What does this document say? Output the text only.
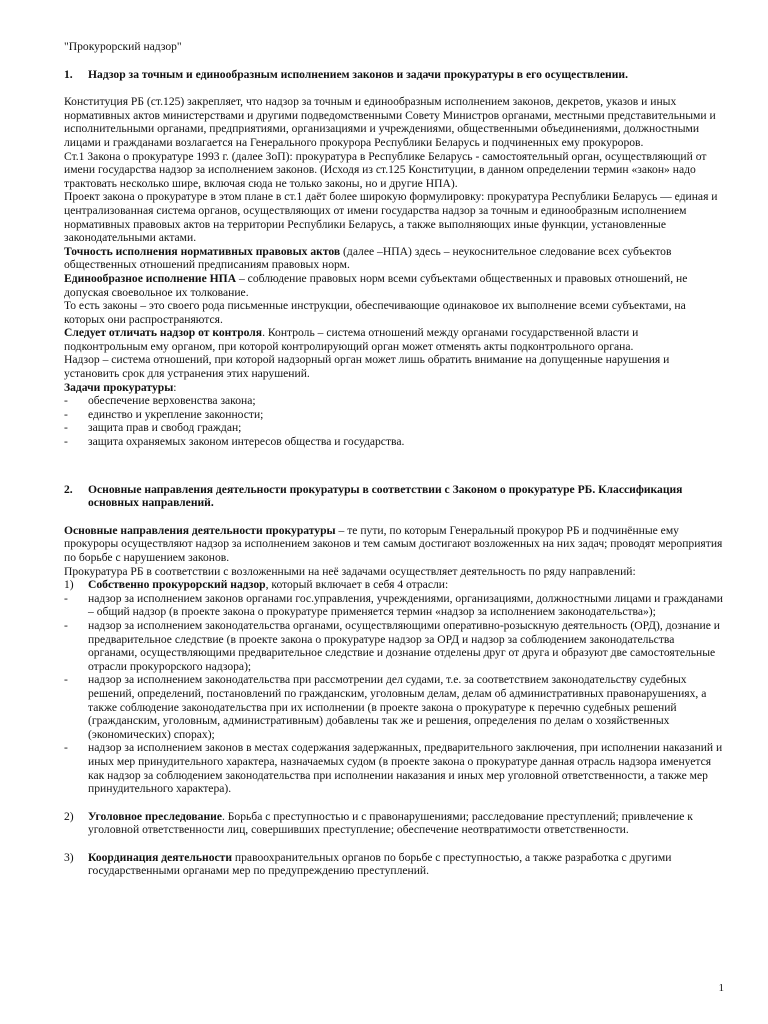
"Прокурорский надзор"

1. Надзор за точным и единообразным исполнением законов и задачи прокуратуры в его осуществлении.

Конституция РБ (ст.125) закрепляет, что надзор за точным и единообразным исполнением законов, декретов, указов и иных нормативных актов министерствами и другими подведомственными Совету Министров органами, местными представительными и исполнительными органами, предприятиями, организациями и учреждениями, общественными объединениями, должностными лицами и гражданами возлагается на Генерального прокурора Республики Беларусь и подчиненных ему прокуроров.

Ст.1 Закона о прокуратуре 1993 г. (далее ЗоП): прокуратура в Республике Беларусь - самостоятельный орган, осуществляющий от имени государства надзор за исполнением законов. (Исходя из ст.125 Конституции, в данном определении термин «закон» надо трактовать несколько шире, включая сюда не только законы, но и другие НПА).

Проект закона о прокуратуре в этом плане в ст.1 даёт более широкую формулировку: прокуратура Республики Беларусь — единая и централизованная система органов, осуществляющих от имени государства надзор за точным и единообразным исполнением нормативных правовых актов на территории Республики Беларусь, а также выполняющих иные функции, установленные законодательными актами.

Точность исполнения нормативных правовых актов (далее –НПА) здесь – неукоснительное следование всех субъектов общественных отношений предписаниям правовых норм.

Единообразное исполнение НПА – соблюдение правовых норм всеми субъектами общественных и правовых отношений, не допуская своевольное их толкование.

То есть законы – это своего рода письменные инструкции, обеспечивающие одинаковое их выполнение всеми субъектами, на которых они распространяются.

Следует отличать надзор от контроля. Контроль – система отношений между органами государственной власти и подконтрольным ему органом, при которой контролирующий орган может отменять акты подконтрольного органа.

Надзор – система отношений, при которой надзорный орган может лишь обратить внимание на допущенные нарушения и установить срок для устранения этих нарушений.

Задачи прокуратуры:

- обеспечение верховенства закона;
- единство и укрепление законности;
- защита прав и свобод граждан;
- защита охраняемых законом интересов общества и государства.

2. Основные направления деятельности прокуратуры в соответствии с Законом о прокуратуре РБ. Классификация основных направлений.

Основные направления деятельности прокуратуры – те пути, по которым Генеральный прокурор РБ и подчинённые ему прокуроры осуществляют надзор за исполнением законов и тем самым достигают возложенных на них задач; проводят мероприятия по борьбе с нарушением законов.

Прокуратура РБ в соответствии с возложенными на неё задачами осуществляет деятельность по ряду направлений:

1) Собственно прокурорский надзор, который включает в себя 4 отрасли:
- надзор за исполнением законов органами гос.управления, учреждениями, организациями, должностными лицами и гражданами – общий надзор (в проекте закона о прокуратуре применяется термин «надзор за исполнением законодательства»);
- надзор за исполнением законодательства органами, осуществляющими оперативно-розыскную деятельность (ОРД), дознание и предварительное следствие (в проекте закона о прокуратуре надзор за ОРД и надзор за соблюдением законодательства органами, осуществляющими предварительное следствие и дознание отделены друг от друга и образуют две самостоятельные отрасли прокурорского надзора);
- надзор за исполнением законодательства при рассмотрении дел судами, т.е. за соответствием законодательству судебных решений, определений, постановлений по гражданским, уголовным делам, делам об административных правонарушениях, а также соблюдение законодательства при их исполнении (в проекте закона о прокуратуре к перечню судебных решений (гражданским, уголовным, административным) добавлены так же и решения, определения по делам о хозяйственных (экономических) спорах);
- надзор за исполнением законов в местах содержания задержанных, предварительного заключения, при исполнении наказаний и иных мер принудительного характера, назначаемых судом (в проекте закона о прокуратуре данная отрасль надзора именуется как надзор за соблюдением законодательства при исполнении наказания и иных мер уголовной ответственности, а также мер принудительного характера).
2) Уголовное преследование. Борьба с преступностью и с правонарушениями; расследование преступлений; привлечение к уголовной ответственности лиц, совершивших преступление; обеспечение неотвратимости ответственности.
3) Координация деятельности правоохранительных органов по борьбе с преступностью, а также разработка с другими государственными органами мер по предупреждению преступлений.
1
